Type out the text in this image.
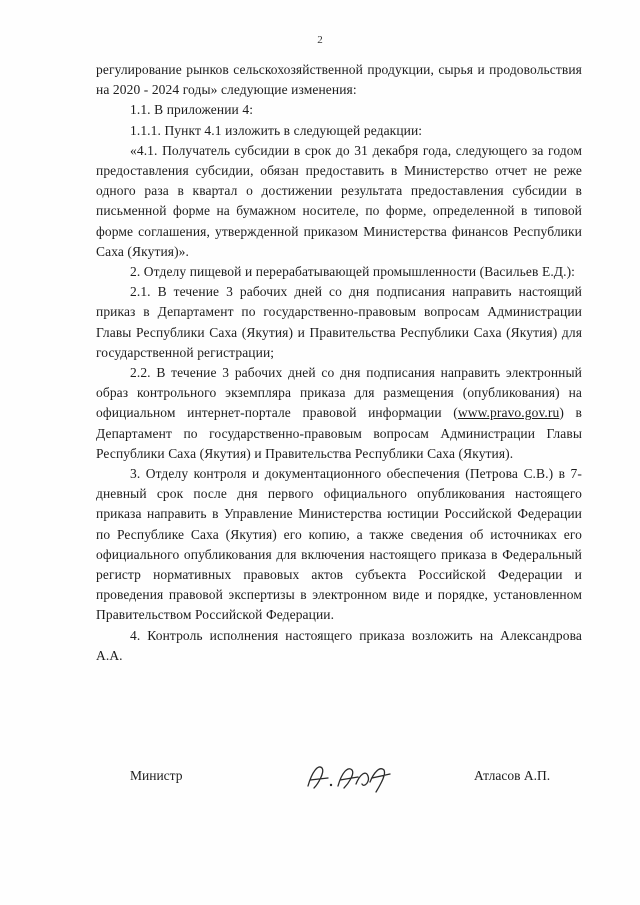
2

регулирование рынков сельскохозяйственной продукции, сырья и продовольствия на 2020 - 2024 годы» следующие изменения:

1.1. В приложении 4:

1.1.1. Пункт 4.1 изложить в следующей редакции:

«4.1. Получатель субсидии в срок до 31 декабря года, следующего за годом предоставления субсидии, обязан предоставить в Министерство отчет не реже одного раза в квартал о достижении результата предоставления субсидии в письменной форме на бумажном носителе, по форме, определенной в типовой форме соглашения, утвержденной приказом Министерства финансов Республики Саха (Якутия)».

2. Отделу пищевой и перерабатывающей промышленности (Васильев Е.Д.):

2.1. В течение 3 рабочих дней со дня подписания направить настоящий приказ в Департамент по государственно-правовым вопросам Администрации Главы Республики Саха (Якутия) и Правительства Республики Саха (Якутия) для государственной регистрации;

2.2. В течение 3 рабочих дней со дня подписания направить электронный образ контрольного экземпляра приказа для размещения (опубликования) на официальном интернет-портале правовой информации (www.pravo.gov.ru) в Департамент по государственно-правовым вопросам Администрации Главы Республики Саха (Якутия) и Правительства Республики Саха (Якутия).

3. Отделу контроля и документационного обеспечения (Петрова С.В.) в 7-дневный срок после дня первого официального опубликования настоящего приказа направить в Управление Министерства юстиции Российской Федерации по Республике Саха (Якутия) его копию, а также сведения об источниках его официального опубликования для включения настоящего приказа в Федеральный регистр нормативных правовых актов субъекта Российской Федерации и проведения правовой экспертизы в электронном виде и порядке, установленном Правительством Российской Федерации.

4. Контроль исполнения настоящего приказа возложить на Александрова А.А.

Министр	Атласов А.П.
